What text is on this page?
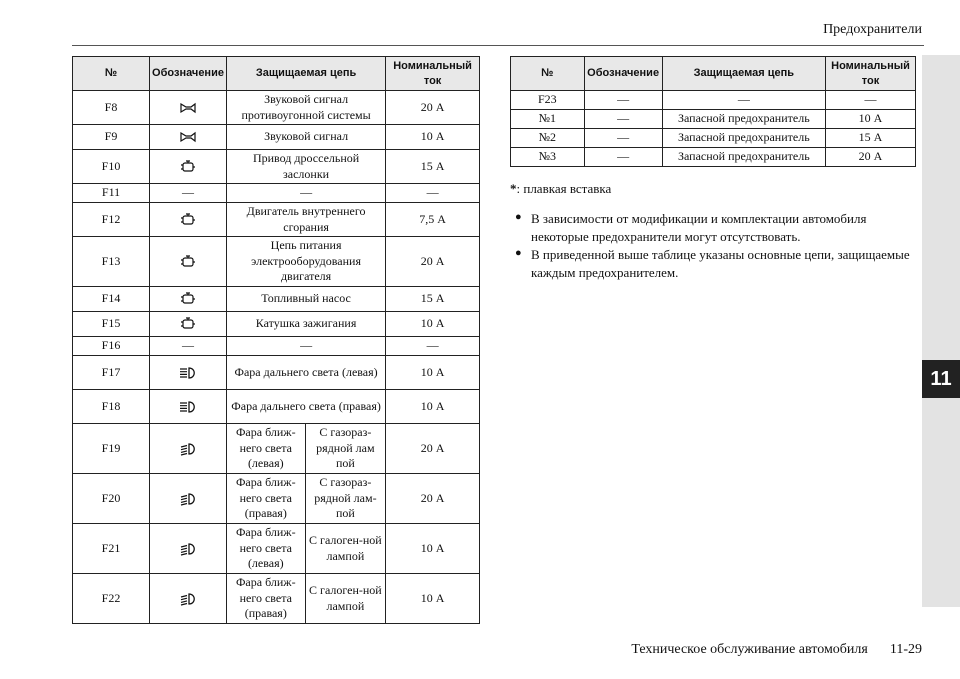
Предохранители
11
№	Обозначение	Защищаемая цепь		Номинальный ток
F8		Звуковой сигнал противоугонной системы		20 А
F9		Звуковой сигнал		10 А
F10		Привод дроссельной заслонки		15 А
F11	—	—		—
F12		Двигатель внутреннего сгорания		7,5 А
F13		Цепь питания электрооборудования двигателя		20 А
F14		Топливный насос		15 А
F15		Катушка зажигания		10 А
F16	—	—		—
F17		Фара дальнего света (левая)		10 А
F18		Фара дальнего света (правая)		10 А
F19		Фара ближ-него света (левая)	С газораз-рядной лам пой	20 А
F20		Фара ближ-него света (правая)	С газораз-рядной лам-пой	20 А
F21		Фара ближ-него света (левая)	С галоген-ной лампой	10 А
F22		Фара ближ-него света (правая)	С галоген-ной лампой	10 А
№	Обозначение	Защищаемая цепь	Номинальный ток
F23	—	—	—
№1	—	Запасной предохранитель	10 А
№2	—	Запасной предохранитель	15 А
№3	—	Запасной предохранитель	20 А
*: плавкая вставка
● В зависимости от модификации и комплектации автомобиля некоторые предохранители могут отсутствовать.
● В приведенной выше таблице указаны основные цепи, защищаемые каждым предохранителем.
Техническое обслуживание автомобиля 11-29
